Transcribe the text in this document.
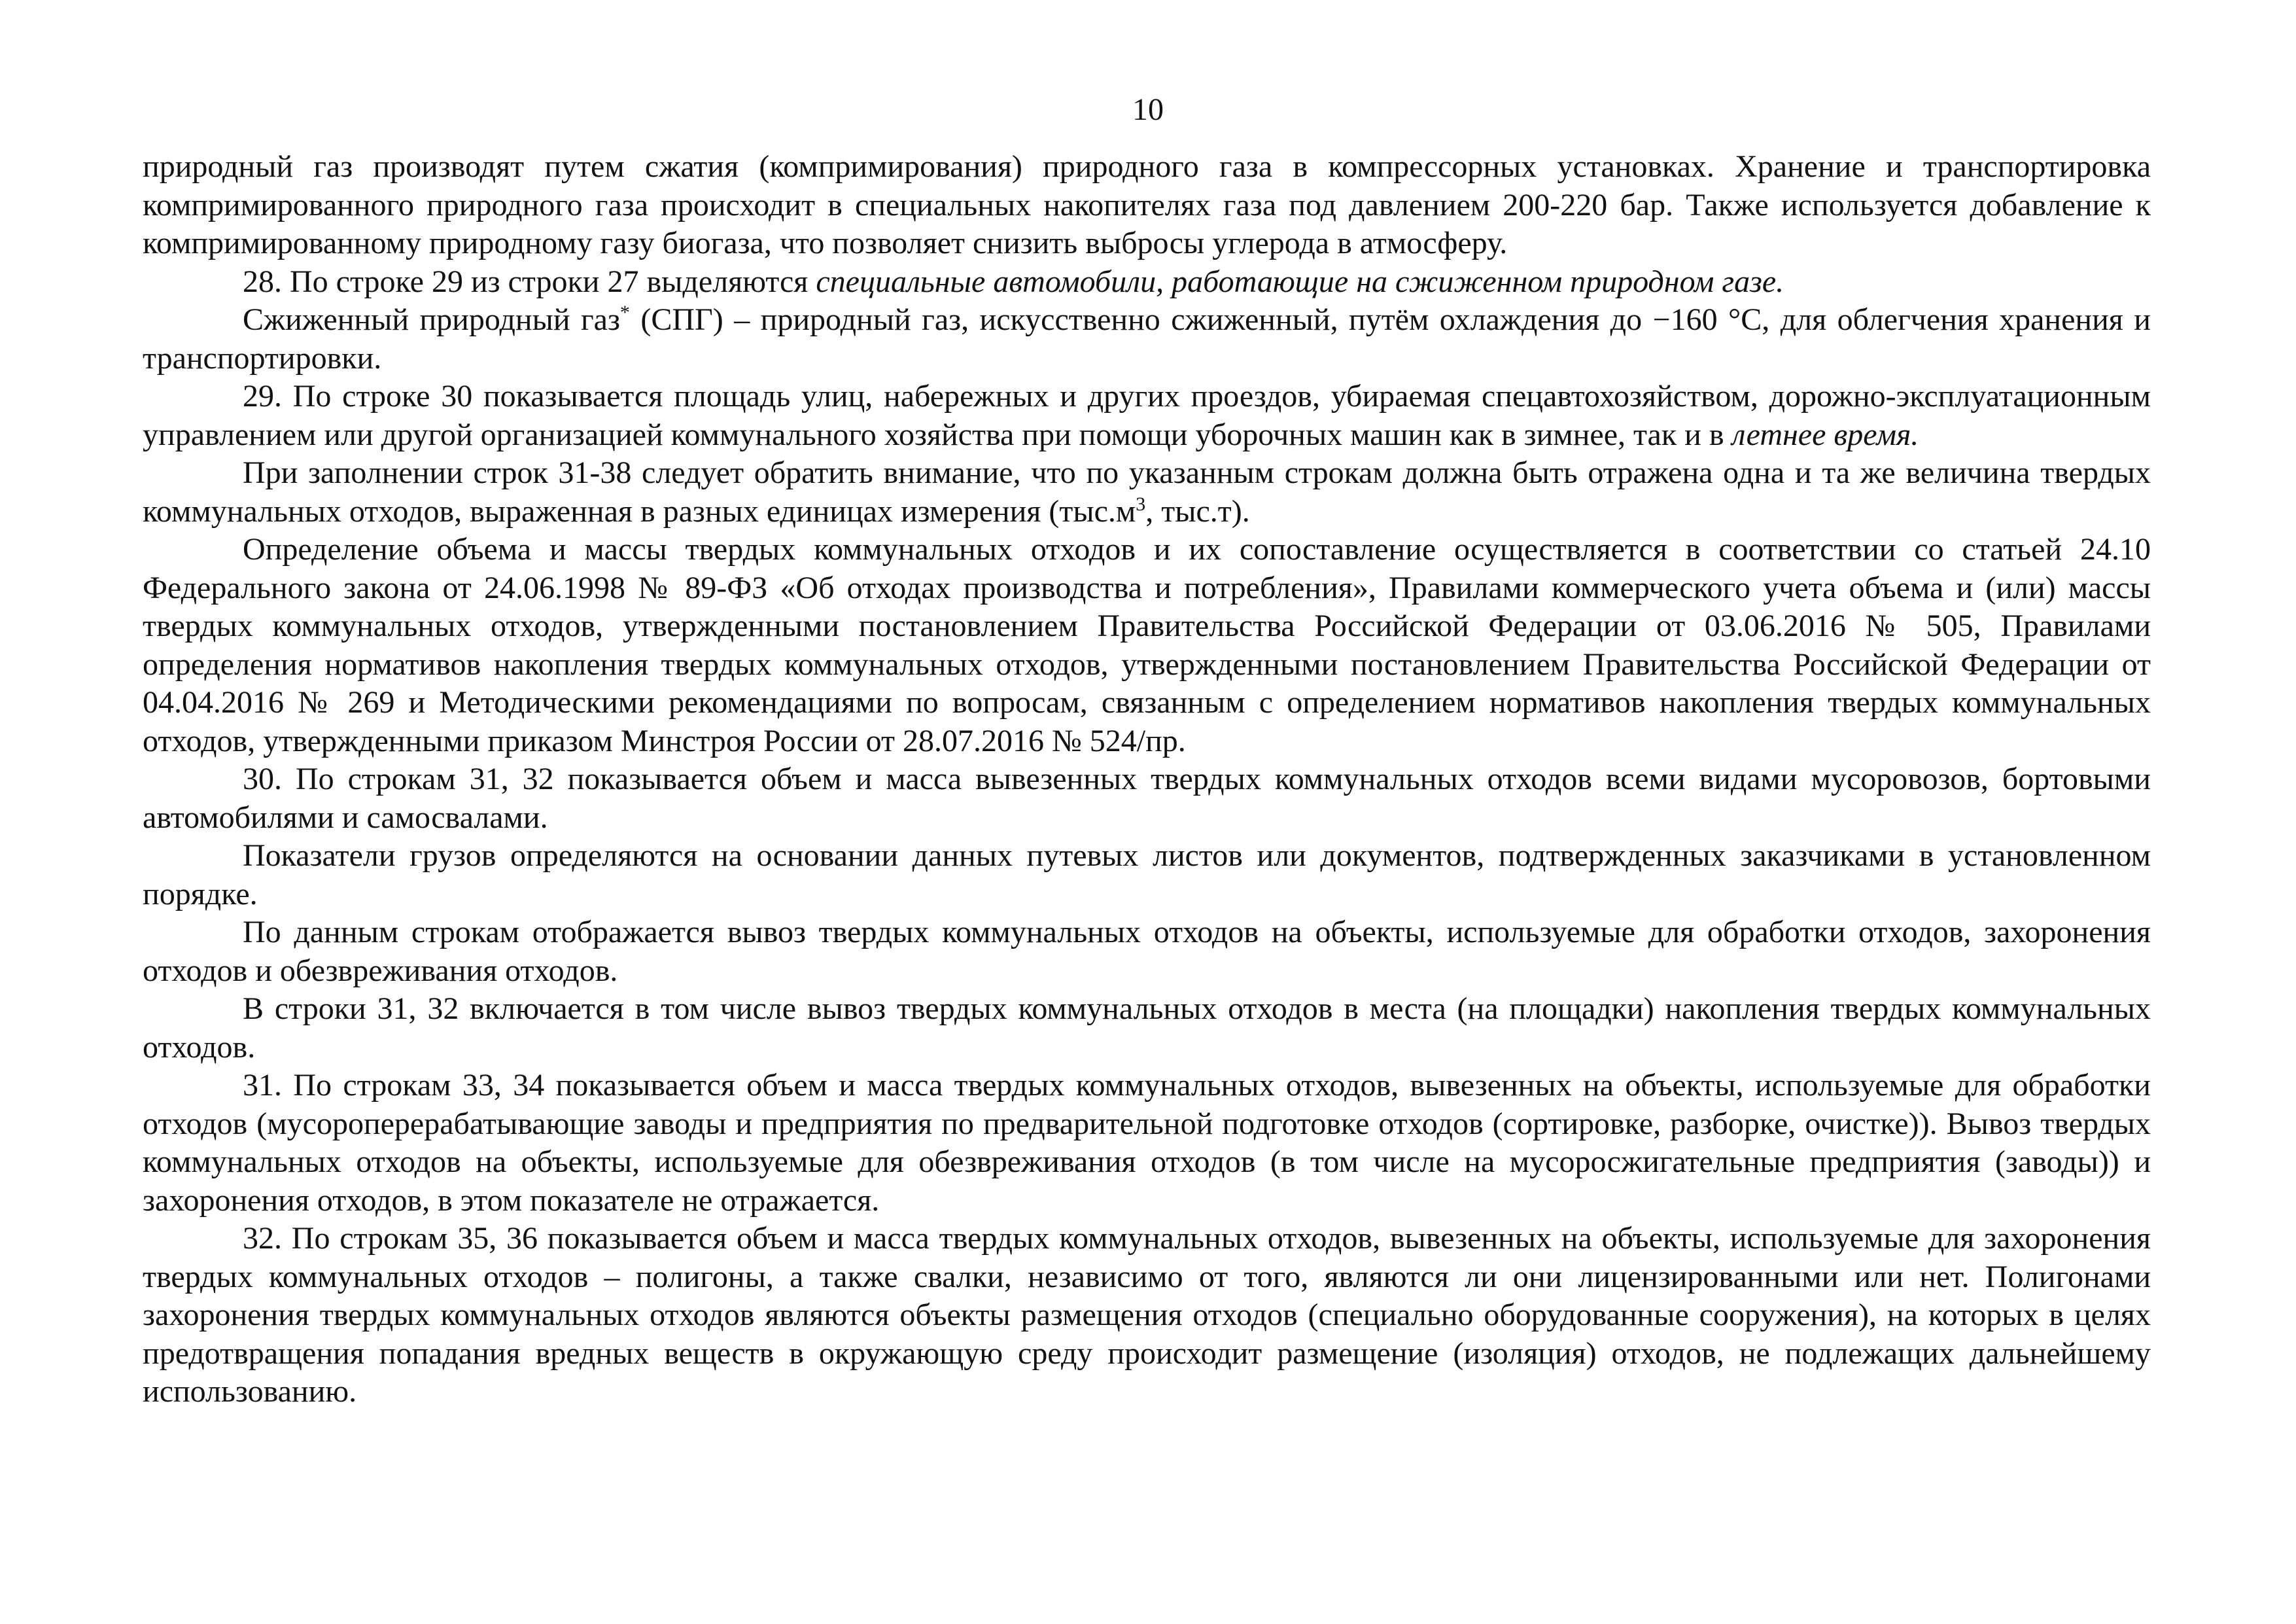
10

природный газ производят путем сжатия (компримирования) природного газа в компрессорных установках. Хранение и транспортировка компримированного природного газа происходит в специальных накопителях газа под давлением 200-220 бар. Также используется добавление к компримированному природному газу биогаза, что позволяет снизить выбросы углерода в атмосферу.

28. По строке 29 из строки 27 выделяются специальные автомобили, работающие на сжиженном природном газе.

Сжиженный природный газ* (СПГ) – природный газ, искусственно сжиженный, путём охлаждения до −160 °С, для облегчения хранения и транспортировки.

29. По строке 30 показывается площадь улиц, набережных и других проездов, убираемая спецавтохозяйством, дорожно-эксплуатационным управлением или другой организацией коммунального хозяйства при помощи уборочных машин как в зимнее, так и в летнее время.

При заполнении строк 31-38 следует обратить внимание, что по указанным строкам должна быть отражена одна и та же величина твердых коммунальных отходов, выраженная в разных единицах измерения ($тыс.м^3$, тыс.т).

Определение объема и массы твердых коммунальных отходов и их сопоставление осуществляется в соответствии со статьей 24.10 Федерального закона от 24.06.1998 № 89-ФЗ «Об отходах производства и потребления», Правилами коммерческого учета объема и (или) массы твердых коммунальных отходов, утвержденными постановлением Правительства Российской Федерации от 03.06.2016 № 505, Правилами определения нормативов накопления твердых коммунальных отходов, утвержденными постановлением Правительства Российской Федерации от 04.04.2016 № 269 и Методическими рекомендациями по вопросам, связанным с определением нормативов накопления твердых коммунальных отходов, утвержденными приказом Минстроя России от 28.07.2016 № 524/пр.

30. По строкам 31, 32 показывается объем и масса вывезенных твердых коммунальных отходов всеми видами мусоровозов, бортовыми автомобилями и самосвалами.

Показатели грузов определяются на основании данных путевых листов или документов, подтвержденных заказчиками в установленном порядке.

По данным строкам отображается вывоз твердых коммунальных отходов на объекты, используемые для обработки отходов, захоронения отходов и обезвреживания отходов.

В строки 31, 32 включается в том числе вывоз твердых коммунальных отходов в места (на площадки) накопления твердых коммунальных отходов.

31. По строкам 33, 34 показывается объем и масса твердых коммунальных отходов, вывезенных на объекты, используемые для обработки отходов (мусороперерабатывающие заводы и предприятия по предварительной подготовке отходов (сортировке, разборке, очистке)). Вывоз твердых коммунальных отходов на объекты, используемые для обезвреживания отходов (в том числе на мусоросжигательные предприятия (заводы)) и захоронения отходов, в этом показателе не отражается.

32. По строкам 35, 36 показывается объем и масса твердых коммунальных отходов, вывезенных на объекты, используемые для захоронения твердых коммунальных отходов – полигоны, а также свалки, независимо от того, являются ли они лицензированными или нет. Полигонами захоронения твердых коммунальных отходов являются объекты размещения отходов (специально оборудованные сооружения), на которых в целях предотвращения попадания вредных веществ в окружающую среду происходит размещение (изоляция) отходов, не подлежащих дальнейшему использованию.
